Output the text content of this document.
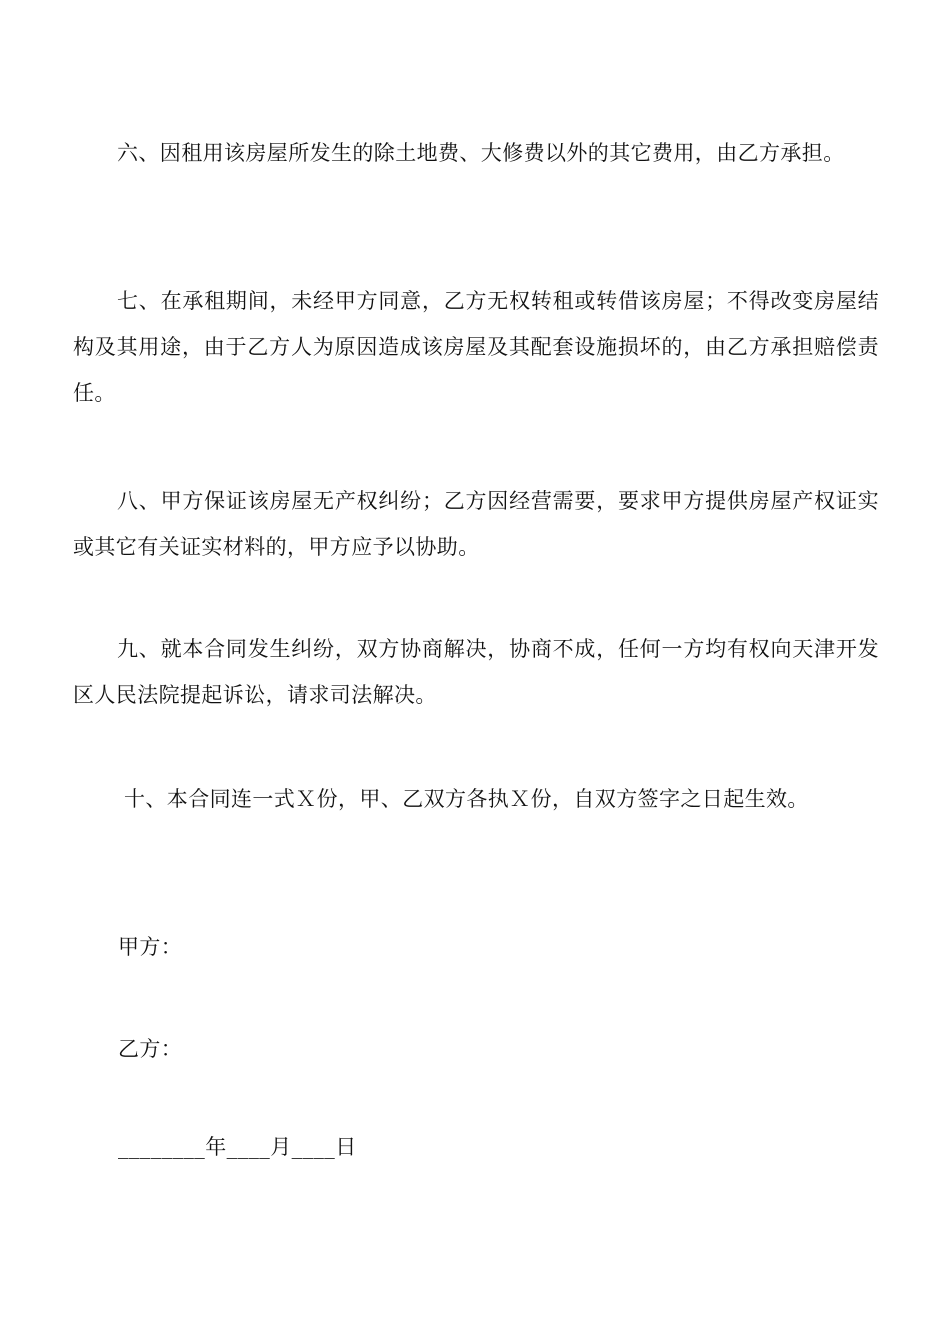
六、因租用该房屋所发生的除土地费、大修费以外的其它费用，由乙方承担。

七、在承租期间，未经甲方同意，乙方无权转租或转借该房屋；不得改变房屋结构及其用途，由于乙方人为原因造成该房屋及其配套设施损坏的，由乙方承担赔偿责任。

八、甲方保证该房屋无产权纠纷；乙方因经营需要，要求甲方提供房屋产权证实或其它有关证实材料的，甲方应予以协助。

九、就本合同发生纠纷，双方协商解决，协商不成，任何一方均有权向天津开发区人民法院提起诉讼，请求司法解决。

十、本合同连一式Ｘ份，甲、乙双方各执Ｘ份，自双方签字之日起生效。

甲方：

乙方：

________年____月____日
